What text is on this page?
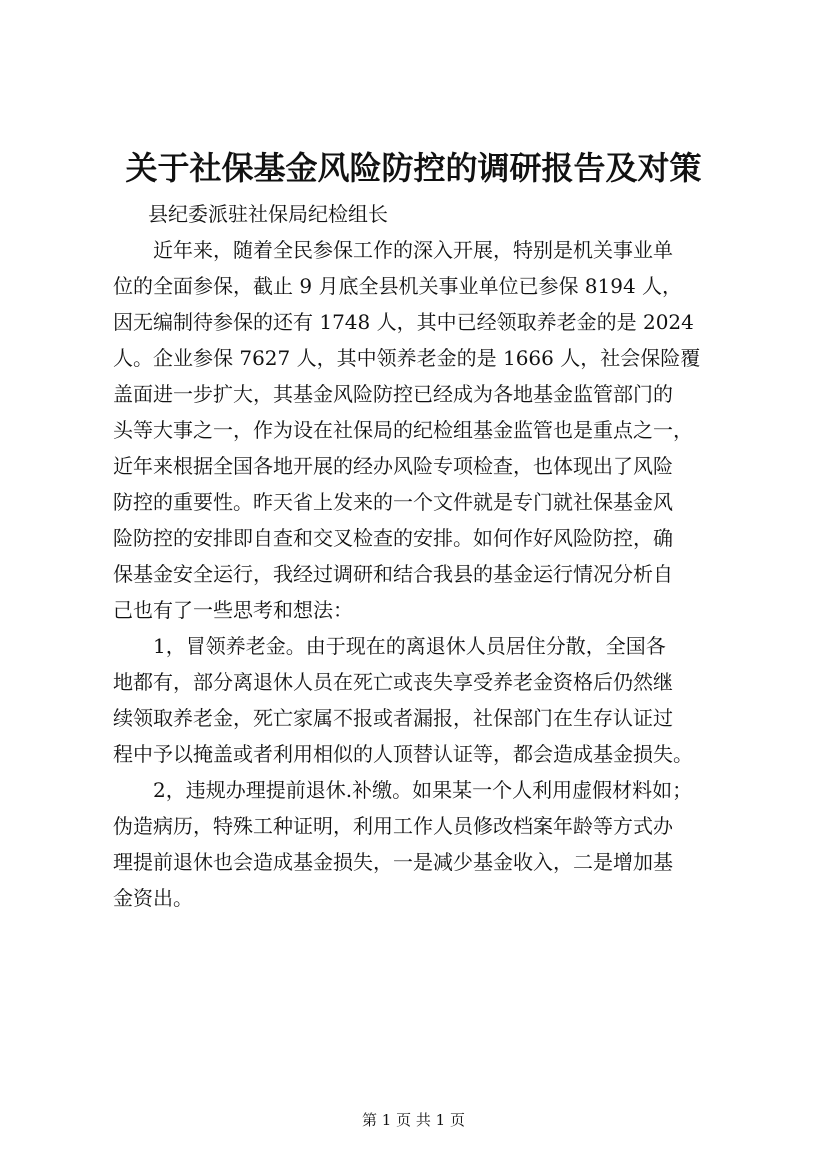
关于社保基金风险防控的调研报告及对策
县纪委派驻社保局纪检组长
近年来，随着全民参保工作的深入开展，特别是机关事业单
位的全面参保，截止 9 月底全县机关事业单位已参保 8194 人，
因无编制待参保的还有 1748 人，其中已经领取养老金的是 2024
人。企业参保 7627 人，其中领养老金的是 1666 人，社会保险覆
盖面进一步扩大，其基金风险防控已经成为各地基金监管部门的
头等大事之一，作为设在社保局的纪检组基金监管也是重点之一，
近年来根据全国各地开展的经办风险专项检查，也体现出了风险
防控的重要性。昨天省上发来的一个文件就是专门就社保基金风
险防控的安排即自查和交叉检查的安排。如何作好风险防控，确
保基金安全运行，我经过调研和结合我县的基金运行情况分析自
己也有了一些思考和想法：
1，冒领养老金。由于现在的离退休人员居住分散，全国各
地都有，部分离退休人员在死亡或丧失享受养老金资格后仍然继
续领取养老金，死亡家属不报或者漏报，社保部门在生存认证过
程中予以掩盖或者利用相似的人顶替认证等，都会造成基金损失。
2，违规办理提前退休.补缴。如果某一个人利用虚假材料如；
伪造病历，特殊工种证明，利用工作人员修改档案年龄等方式办
理提前退休也会造成基金损失，一是减少基金收入，二是增加基
金资出。
第 1 页 共 1 页
